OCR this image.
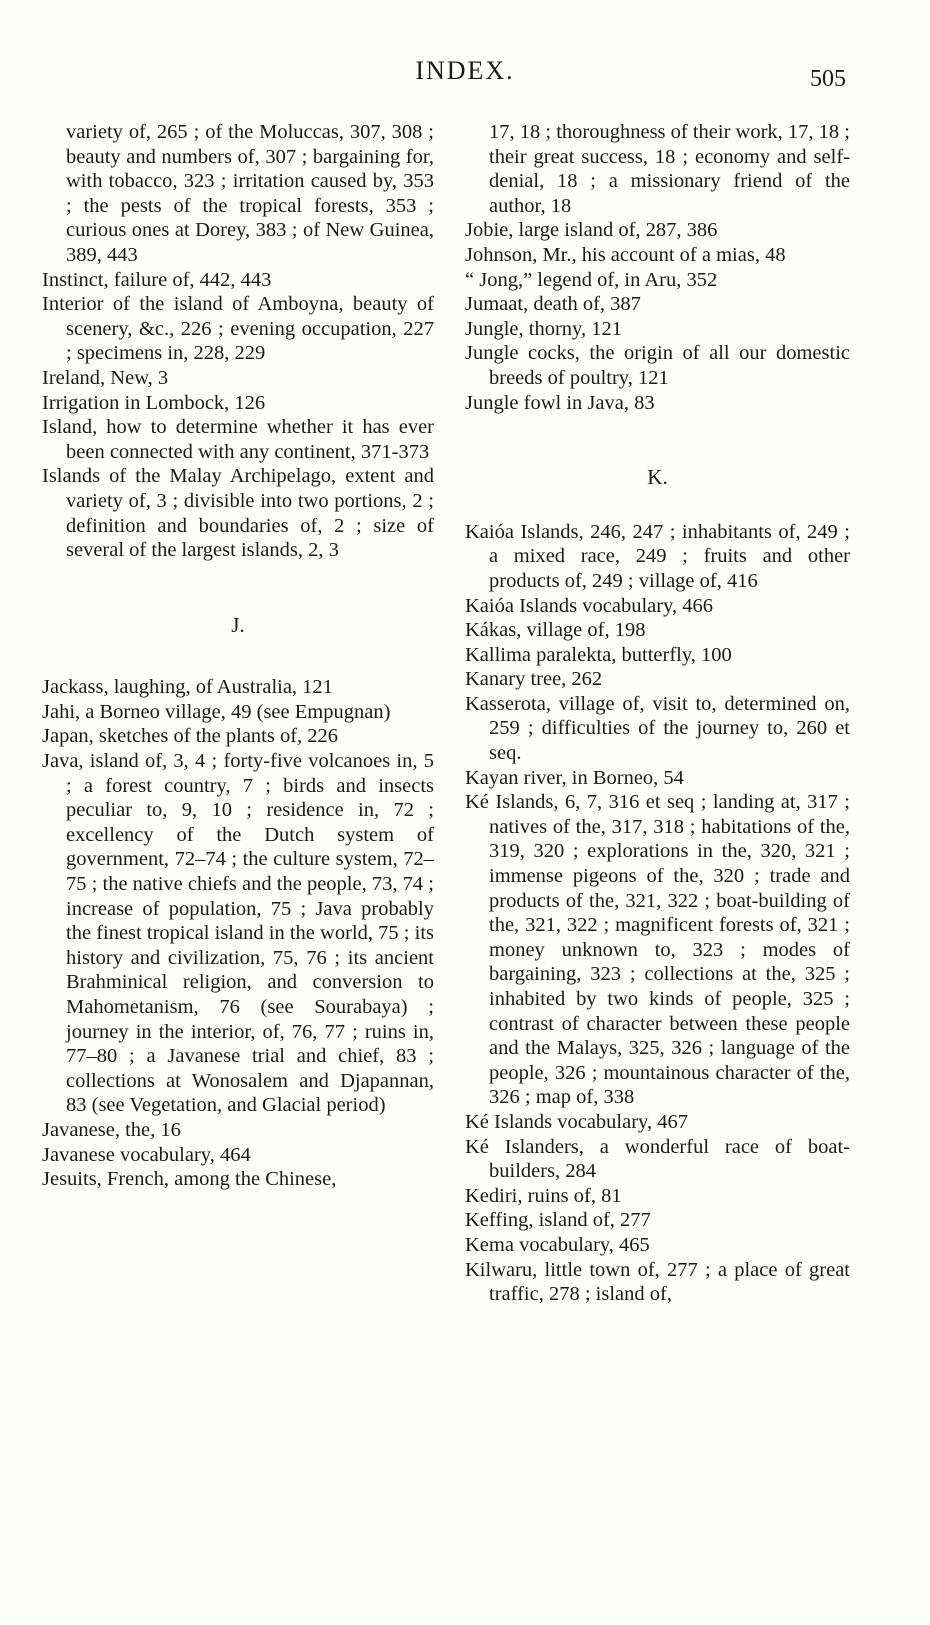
INDEX.	505

variety of, 265 ; of the Moluccas, 307, 308 ; beauty and numbers of, 307 ; bargaining for, with tobacco, 323 ; irritation caused by, 353 ; the pests of the tropical forests, 353 ; curious ones at Dorey, 383 ; of New Guinea, 389, 443

Instinct, failure of, 442, 443

Interior of the island of Amboyna, beauty of scenery, &c., 226 ; evening occupation, 227 ; specimens in, 228, 229

Ireland, New, 3

Irrigation in Lombock, 126

Island, how to determine whether it has ever been connected with any continent, 371-373

Islands of the Malay Archipelago, extent and variety of, 3 ; divisible into two portions, 2 ; definition and boundaries of, 2 ; size of several of the largest islands, 2, 3

J.

Jackass, laughing, of Australia, 121

Jahi, a Borneo village, 49 (see Empugnan)

Japan, sketches of the plants of, 226

Java, island of, 3, 4 ; forty-five volcanoes in, 5 ; a forest country, 7 ; birds and insects peculiar to, 9, 10 ; residence in, 72 ; excellency of the Dutch system of government, 72–74 ; the culture system, 72–75 ; the native chiefs and the people, 73, 74 ; increase of population, 75 ; Java probably the finest tropical island in the world, 75 ; its history and civilization, 75, 76 ; its ancient Brahminical religion, and conversion to Mahometanism, 76 (see Sourabaya) ; journey in the interior, of, 76, 77 ; ruins in, 77–80 ; a Javanese trial and chief, 83 ; collections at Wonosalem and Djapannan, 83 (see Vegetation, and Glacial period)

Javanese, the, 16

Javanese vocabulary, 464

Jesuits, French, among the Chinese,

17, 18 ; thoroughness of their work, 17, 18 ; their great success, 18 ; economy and self-denial, 18 ; a missionary friend of the author, 18

Jobie, large island of, 287, 386

Johnson, Mr., his account of a mias, 48

“ Jong,” legend of, in Aru, 352

Jumaat, death of, 387

Jungle, thorny, 121

Jungle cocks, the origin of all our domestic breeds of poultry, 121

Jungle fowl in Java, 83

K.

Kaióa Islands, 246, 247 ; inhabitants of, 249 ; a mixed race, 249 ; fruits and other products of, 249 ; village of, 416

Kaióa Islands vocabulary, 466

Kákas, village of, 198

Kallima paralekta, butterfly, 100

Kanary tree, 262

Kasserota, village of, visit to, determined on, 259 ; difficulties of the journey to, 260 et seq.

Kayan river, in Borneo, 54

Ké Islands, 6, 7, 316 et seq ; landing at, 317 ; natives of the, 317, 318 ; habitations of the, 319, 320 ; explorations in the, 320, 321 ; immense pigeons of the, 320 ; trade and products of the, 321, 322 ; boat-building of the, 321, 322 ; magnificent forests of, 321 ; money unknown to, 323 ; modes of bargaining, 323 ; collections at the, 325 ; inhabited by two kinds of people, 325 ; contrast of character between these people and the Malays, 325, 326 ; language of the people, 326 ; mountainous character of the, 326 ; map of, 338

Ké Islands vocabulary, 467

Ké Islanders, a wonderful race of boat-builders, 284

Kediri, ruins of, 81

Keffing, island of, 277

Kema vocabulary, 465

Kilwaru, little town of, 277 ; a place of great traffic, 278 ; island of,
